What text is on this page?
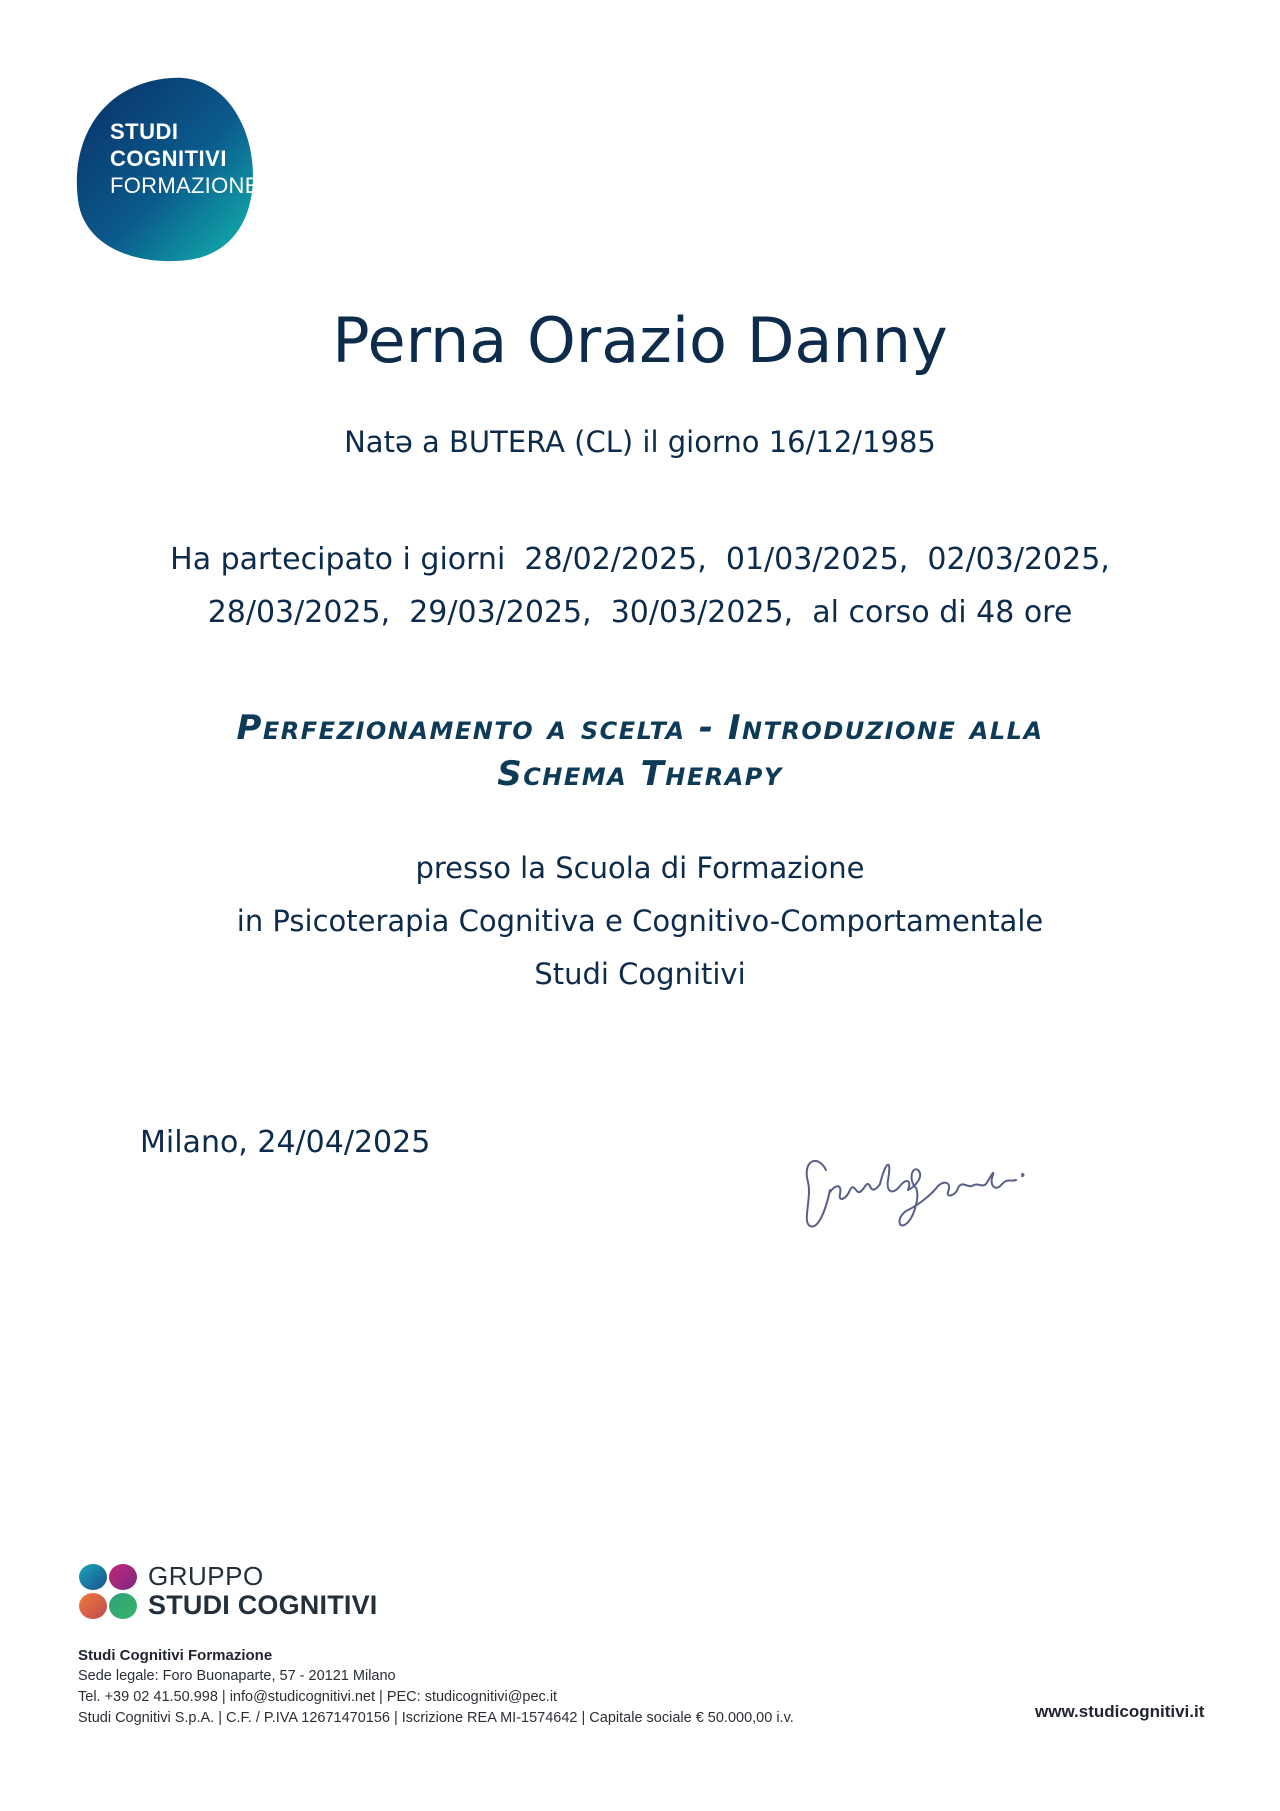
STUDI
COGNITIVI
FORMAZIONE
Perna Orazio Danny
Natə a BUTERA (CL) il giorno 16/12/1985
Ha partecipato i giorni  28/02/2025,  01/03/2025,  02/03/2025,
28/03/2025,  29/03/2025,  30/03/2025,  al corso di 48 ore
Perfezionamento a scelta - Introduzione alla
Schema Therapy
presso la Scuola di Formazione
in Psicoterapia Cognitiva e Cognitivo-Comportamentale
Studi Cognitivi
Milano, 24/04/2025
GRUPPO
STUDI COGNITIVI
Studi Cognitivi Formazione
Sede legale: Foro Buonaparte, 57 - 20121 Milano
Tel. +39 02 41.50.998 | info@studicognitivi.net | PEC: studicognitivi@pec.it
Studi Cognitivi S.p.A. | C.F. / P.IVA 12671470156 | Iscrizione REA MI-1574642 | Capitale sociale € 50.000,00 i.v.	www.studicognitivi.it
